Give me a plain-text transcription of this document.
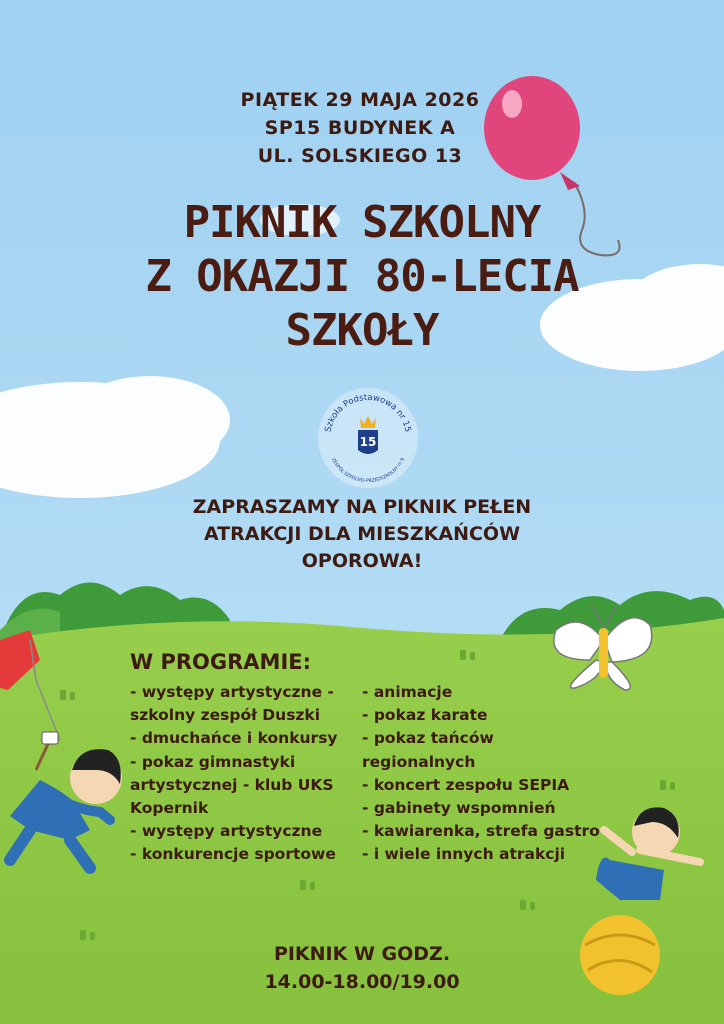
PIĄTEK 29 MAJA 2026
SP15 BUDYNEK A
UL. SOLSKIEGO 13
PIKNIK SZKOLNY
Z OKAZJI 80-LECIA
SZKOŁY
Szkoła Podstawowa nr 15
ZESPÓŁ SZKOLNO-PRZEDSZKOLNY nr 9
15
ZAPRASZAMY NA PIKNIK PEŁEN
ATRAKCJI DLA MIESZKAŃCÓW
OPOROWA!
W PROGRAMIE:
- występy artystyczne -
szkolny zespół Duszki
- dmuchańce i konkursy
- pokaz gimnastyki
artystycznej - klub UKS
Kopernik
- występy artystyczne
- konkurencje sportowe
- animacje
- pokaz karate
- pokaz tańców
regionalnych
- koncert zespołu SEPIA
- gabinety wspomnień
- kawiarenka, strefa gastro
- i wiele innych atrakcji
PIKNIK W GODZ.
14.00-18.00/19.00
